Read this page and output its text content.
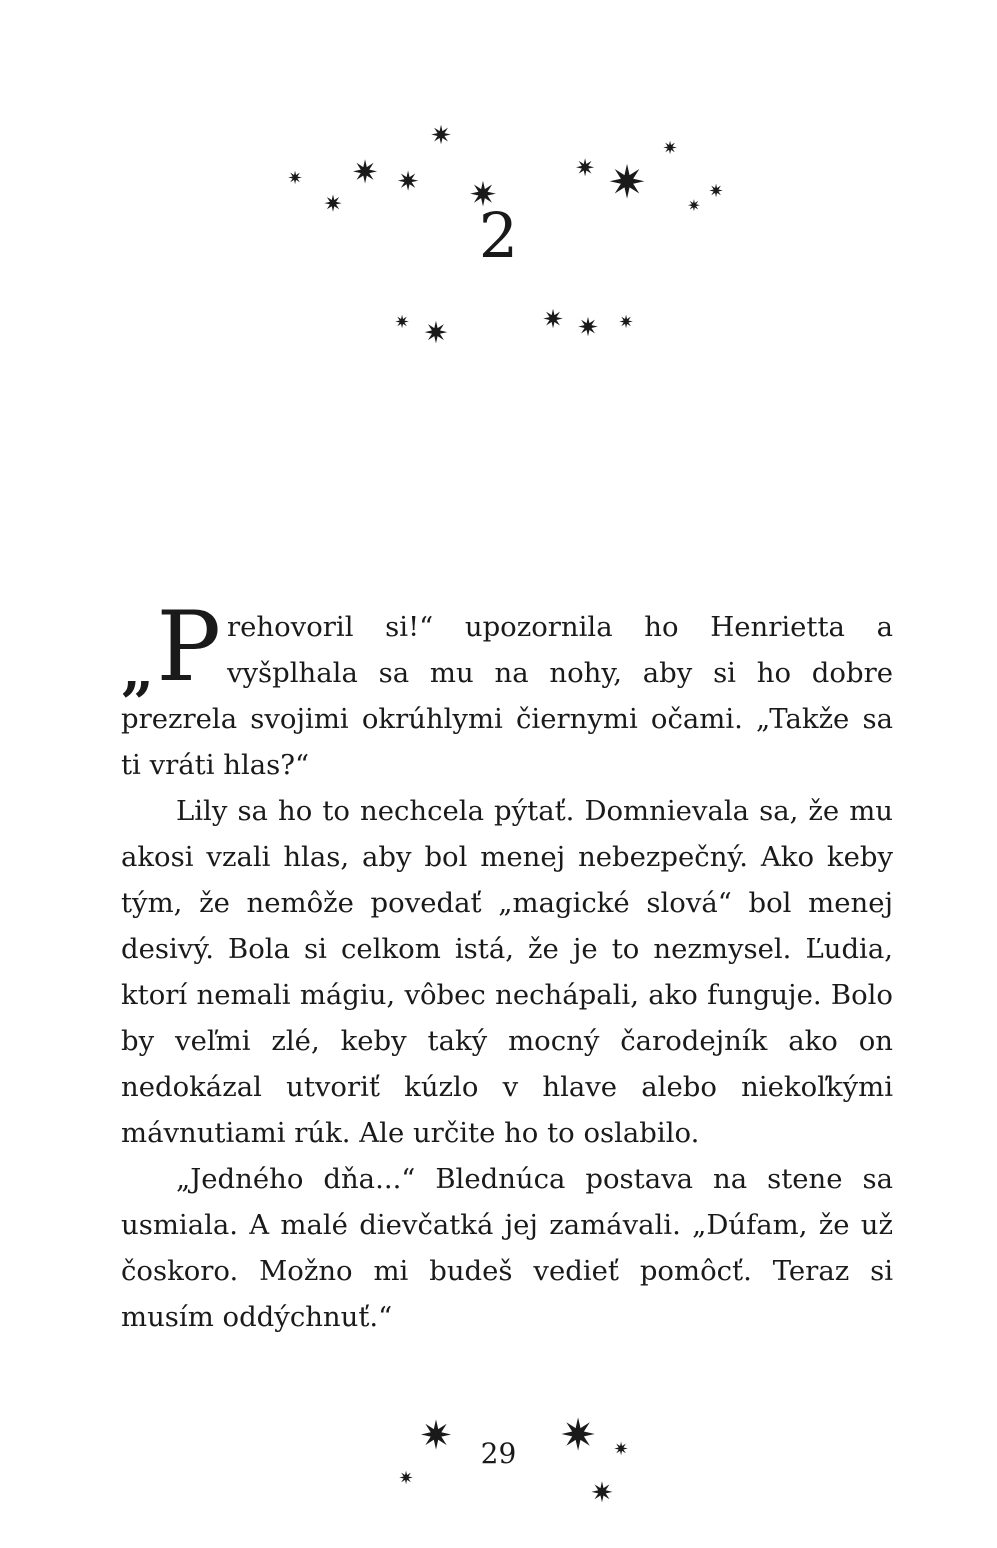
✷
✷ ✷ ✷
✷	✷
✷ ✷
✷
✷
✷
2
✷ ✷	✷ ✷ ✷

„ P rehovoril si!“ upozornila ho Henrietta a vyšplhala sa mu na nohy, aby si ho dobre prezrela svojimi okrúhlymi čiernymi očami. „Takže sa ti vráti hlas?“

Lily sa ho to nechcela pýtať. Domnievala sa, že mu akosi vzali hlas, aby bol menej nebezpečný. Ako keby tým, že nemôže povedať „magické slová“ bol menej desivý. Bola si celkom istá, že je to nezmysel. Ľudia, ktorí nemali mágiu, vôbec nechápali, ako funguje. Bolo by veľmi zlé, keby taký mocný čarodejník ako on nedokázal utvoriť kúzlo v hlave alebo niekoľkými mávnutiami rúk. Ale určite ho to oslabilo.

„Jedného dňa...“ Blednúca postava na stene sa usmiala. A malé dievčatká jej zamávali. „Dúfam, že už čoskoro. Možno mi budeš vedieť pomôcť. Teraz si musím oddýchnuť.“

✷
✷
✷ ✷
✷
29
